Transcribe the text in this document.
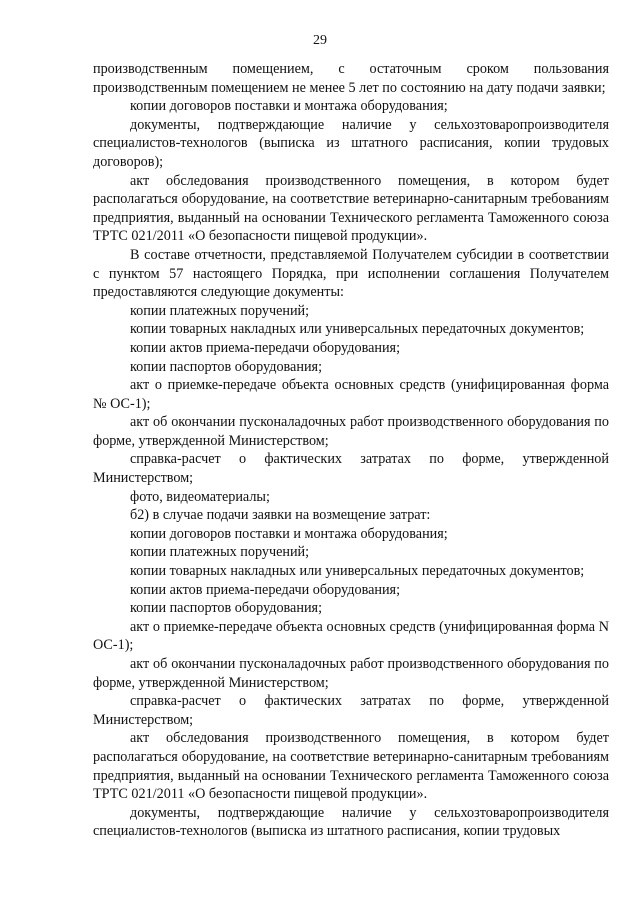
29

производственным помещением, с остаточным сроком пользования производственным помещением не менее 5 лет по состоянию на дату подачи заявки;

копии договоров поставки и монтажа оборудования;

документы, подтверждающие наличие у сельхозтоваропроизводителя специалистов-технологов (выписка из штатного расписания, копии трудовых договоров);

акт обследования производственного помещения, в котором будет располагаться оборудование, на соответствие ветеринарно-санитарным требованиям предприятия, выданный на основании Технического регламента Таможенного союза ТРТС 021/2011 «О безопасности пищевой продукции».

В составе отчетности, представляемой Получателем субсидии в соответствии с пунктом 57 настоящего Порядка, при исполнении соглашения Получателем предоставляются следующие документы:

копии платежных поручений;

копии товарных накладных или универсальных передаточных документов;

копии актов приема-передачи оборудования;

копии паспортов оборудования;

акт о приемке-передаче объекта основных средств (унифицированная форма № ОС-1);

акт об окончании пусконаладочных работ производственного оборудования по форме, утвержденной Министерством;

справка-расчет о фактических затратах по форме, утвержденной Министерством;

фото, видеоматериалы;

б2) в случае подачи заявки на возмещение затрат:

копии договоров поставки и монтажа оборудования;

копии платежных поручений;

копии товарных накладных или универсальных передаточных документов;

копии актов приема-передачи оборудования;

копии паспортов оборудования;

акт о приемке-передаче объекта основных средств (унифицированная форма N ОС-1);

акт об окончании пусконаладочных работ производственного оборудования по форме, утвержденной Министерством;

справка-расчет о фактических затратах по форме, утвержденной Министерством;

акт обследования производственного помещения, в котором будет располагаться оборудование, на соответствие ветеринарно-санитарным требованиям предприятия, выданный на основании Технического регламента Таможенного союза ТРТС 021/2011 «О безопасности пищевой продукции».

документы, подтверждающие наличие у сельхозтоваропроизводителя специалистов-технологов (выписка из штатного расписания, копии трудовых
